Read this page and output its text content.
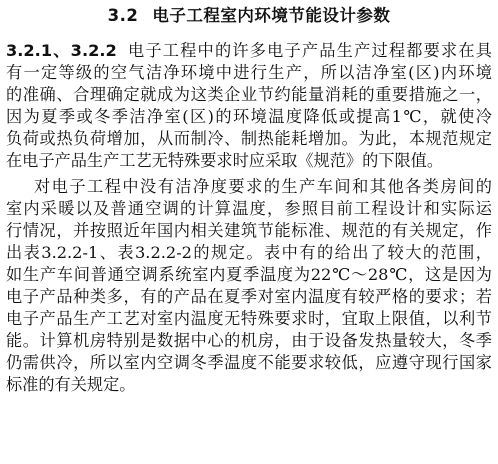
3.2 电子工程室内环境节能设计参数
3.2.1、3.2.2 电子工程中的许多电子产品生产过程都要求在具
有一定等级的空气洁净环境中进行生产，所以洁净室(区)内环境
的准确、合理确定就成为这类企业节约能量消耗的重要措施之一，
因为夏季或冬季洁净室(区)的环境温度降低或提高1℃，就使冷
负荷或热负荷增加，从而制冷、制热能耗增加。为此，本规范规定
在电子产品生产工艺无特殊要求时应采取《规范》的下限值。
对电子工程中没有洁净度要求的生产车间和其他各类房间的
室内采暖以及普通空调的计算温度，参照目前工程设计和实际运
行情况，并按照近年国内相关建筑节能标准、规范的有关规定，作
出表3.2.2-1、表3.2.2-2的规定。表中有的给出了较大的范围，
如生产车间普通空调系统室内夏季温度为22℃～28℃，这是因为
电子产品种类多，有的产品在夏季对室内温度有较严格的要求；若
电子产品生产工艺对室内温度无特殊要求时，宜取上限值，以利节
能。计算机房特别是数据中心的机房，由于设备发热量较大，冬季
仍需供冷，所以室内空调冬季温度不能要求较低，应遵守现行国家
标准的有关规定。
